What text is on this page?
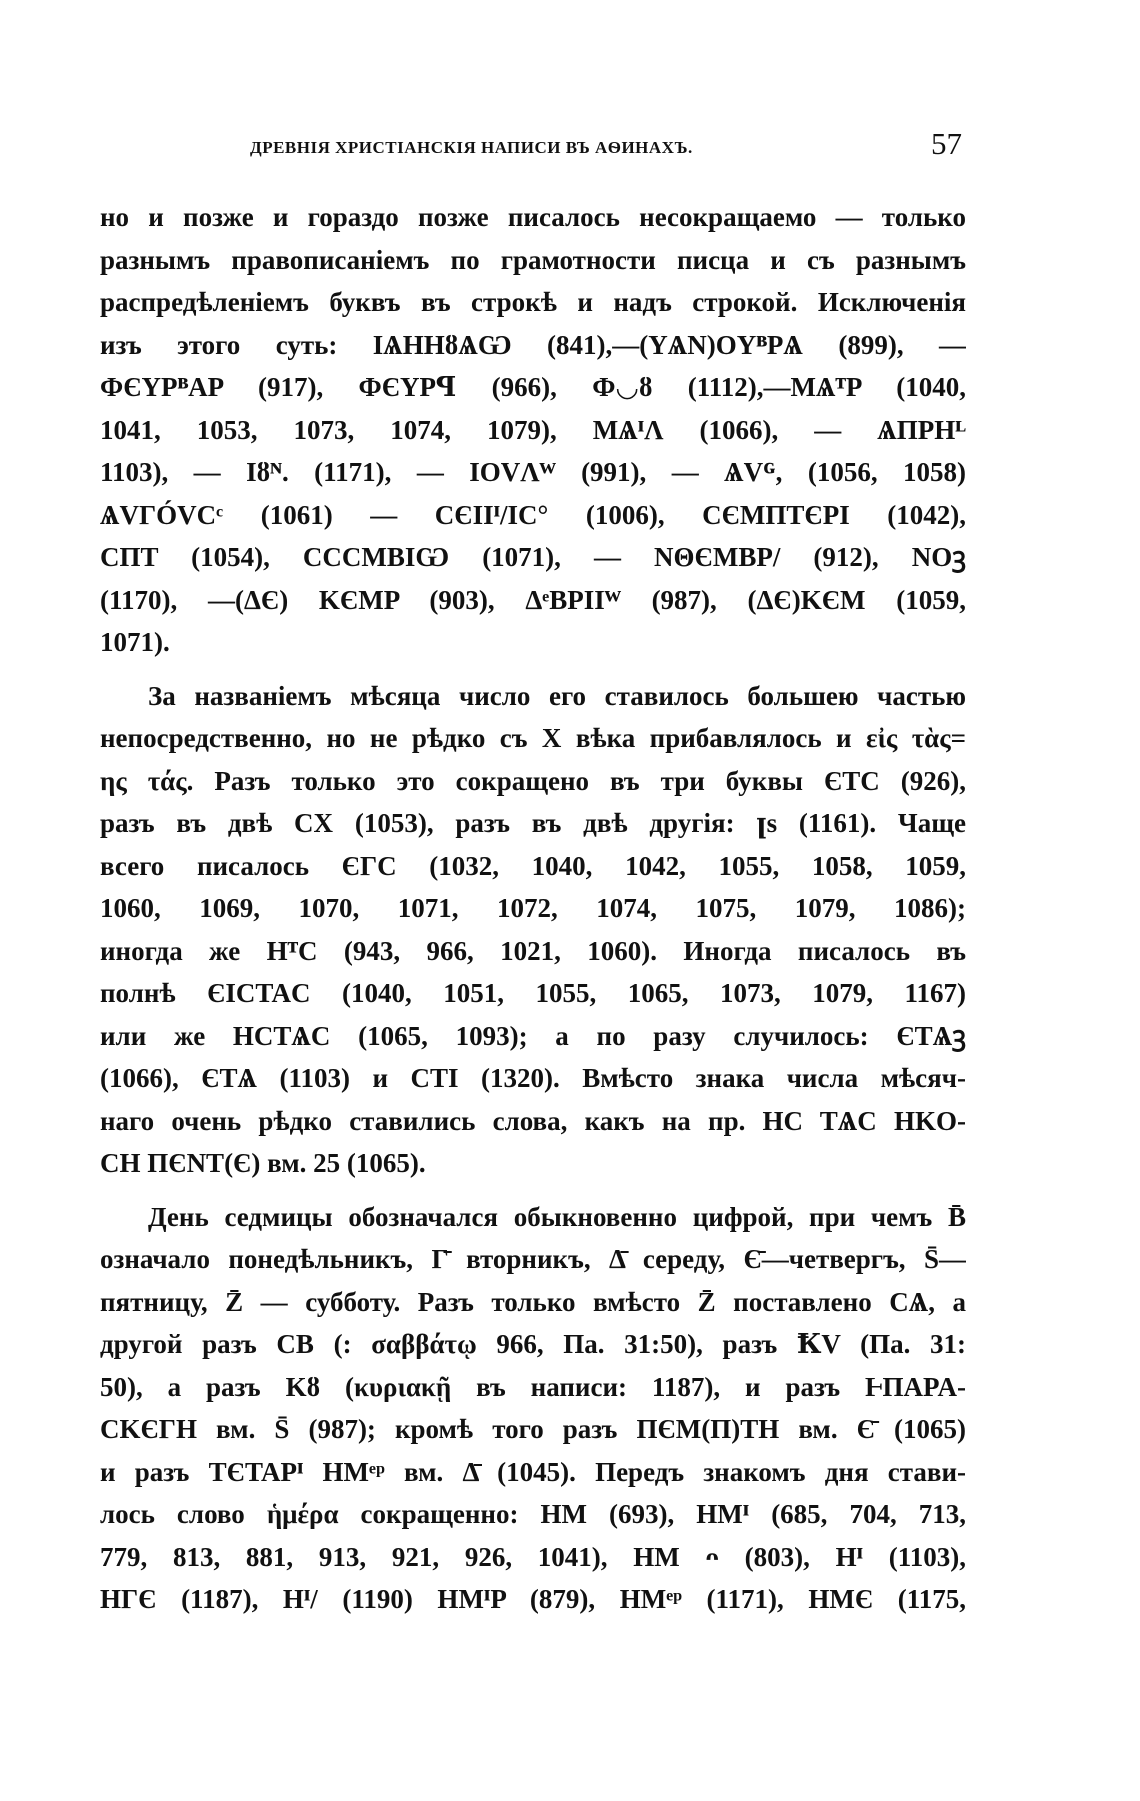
ДРЕВНІЯ ХРИСТІАНСКІЯ НАПИСИ ВЪ АѲИНАХЪ.	57
но и позже и гораздо позже писалось несокращаемо — только
разнымъ правописаніемъ по грамотности писца и съ разнымъ
распредѣленіемъ буквъ въ строкѣ и надъ строкой. Исключенія
изъ этого суть: IѦΗΗȣѦѠ (841),—(YѦN)OYᴮPѦ (899), —
ФЄYPᴮAP (917), ФЄYPꟼ (966), Ф◡ȣ (1112),—MѦᵀP (1040,
1041, 1053, 1073, 1074, 1079), MѦᴵΛ (1066), — ѦΠPΗᴸ
1103), — Iȣᴺ. (1171), — IOVΛᵂ (991), — ѦVᴳ, (1056, 1058)
ѦVΓÓVCᶜ (1061) — CЄIIᴵ/IC° (1006), CЄMΠTЄPI (1042),
CΠT (1054), CCCMBIѠ (1071), — NΘЄMBP/ (912), NOꝫ
(1170), —(ΔЄ) KЄMP (903), ΔᵉBPIIᵂ (987), (ΔЄ)KЄM (1059,
1071).
За названіемъ мѣсяца число его ставилось большею частью
непосредственно, но не рѣдко съ X вѣка прибавлялось и εἰς τὰς=
ης τάς. Разъ только это сокращено въ три буквы ЄTC (926),
разъ въ двѣ CX (1053), разъ въ двѣ другія: ꞁs (1161). Чаще
всего писалось ЄΓC (1032, 1040, 1042, 1055, 1058, 1059,
1060, 1069, 1070, 1071, 1072, 1074, 1075, 1079, 1086);
иногда же HᵀC (943, 966, 1021, 1060). Иногда писалось въ
полнѣ ЄICTAC (1040, 1051, 1055, 1065, 1073, 1079, 1167)
или же HCTѦC (1065, 1093); а по разу случилось: ЄTѦꝫ
(1066), ЄTѦ (1103) и CTI (1320). Вмѣсто знака числа мѣсяч-
наго очень рѣдко ставились слова, какъ на пр. HC TѦC HKO-
CH ΠЄNT(Є) вм. 25 (1065).
День седмицы обозначался обыкновенно цифрой, при чемъ B̄
означало понедѣльникъ, Γ̄ вторникъ, Δ̄ середу, Є̄—четвергъ, S̄—
пятницу, Z̄ — субботу. Разъ только вмѣсто Z̄ поставлено CѦ, а
другой разъ CB (: σαββάτῳ 966, Па. 31:50), разъ ꝀV (Па. 31:
50), а разъ Kȣ (κυριακῇ въ написи: 1187), и разъ ⱵΠAPA-
CKЄΓH вм. S̄ (987); кромѣ того разъ ΠЄM(Π)TH вм. Є̄ (1065)
и разъ TЄTAPᴵ HMᵉᵖ вм. Δ̄ (1045). Передъ знакомъ дня стави-
лось слово ἡμέρα сокращенно: HM (693), HMᴵ (685, 704, 713,
779, 813, 881, 913, 921, 926, 1041), HM ᴖ (803), Hᴵ (1103),
HΓЄ (1187), Hᴵ/ (1190) HMᴵP (879), HMᵉᵖ (1171), HMЄ (1175,
